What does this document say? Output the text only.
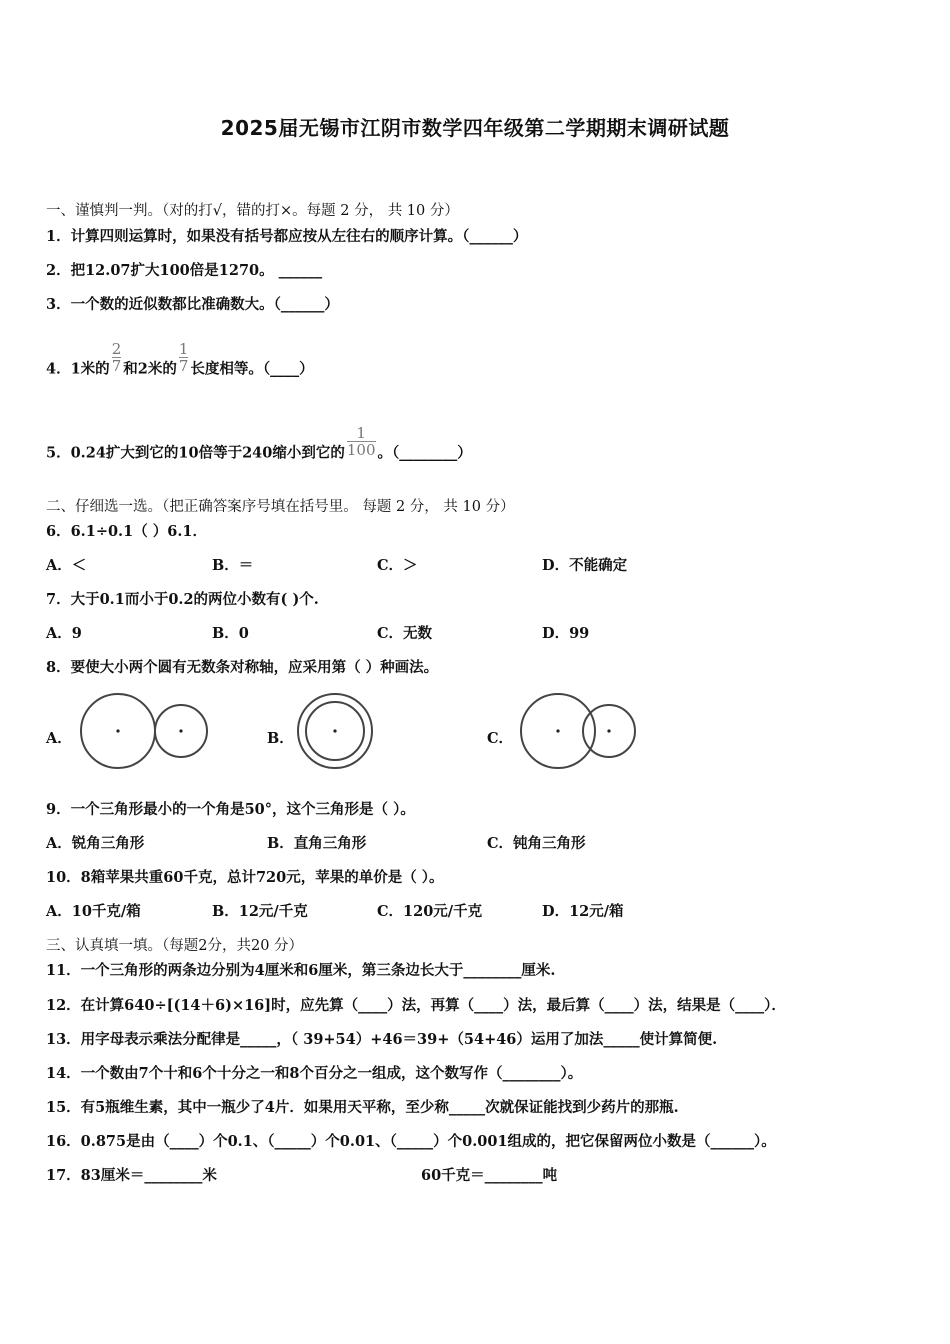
2025届无锡市江阴市数学四年级第二学期期末调研试题
一、谨慎判一判。（对的打√，错的打×。每题 2 分， 共 10 分）
1．计算四则运算时，如果没有括号都应按从左往右的顺序计算。（______）
2．把12.07扩大100倍是1270。 ______
3．一个数的近似数都比准确数大。（______）
4．1米的 $\frac{2}{7}$ 和2米的 $\frac{1}{7}$ 长度相等。（____）
5．0.24扩大到它的10倍等于240缩小到它的 $\frac{1}{100}$ 。（________）
二、仔细选一选。（把正确答案序号填在括号里。 每题 2 分， 共 10 分）
6．6.1÷0.1（ ）6.1．
A．＜	B．＝	C．＞	D．不能确定
7．大于0.1而小于0.2的两位小数有( )个.
A．9	B．0	C．无数	D．99
8．要使大小两个圆有无数条对称轴，应采用第（ ）种画法。
A．	B．	C．
9．一个三角形最小的一个角是50°，这个三角形是（ ）。
A．锐角三角形	B．直角三角形	C．钝角三角形
10．8箱苹果共重60千克，总计720元，苹果的单价是（ ）。
A．10千克/箱	B．12元/千克	C．120元/千克	D．12元/箱
三、认真填一填。（每题2分，共20 分）
11．一个三角形的两条边分别为4厘米和6厘米，第三条边长大于________厘米.
12．在计算640÷[(14＋6)×16]时，应先算（____）法，再算（____）法，最后算（____）法，结果是（____）．
13．用字母表示乘法分配律是_____，（ 39+54）+46＝39+（54+46）运用了加法_____使计算简便.
14．一个数由7个十和6个十分之一和8个百分之一组成，这个数写作（________）。
15．有5瓶维生素，其中一瓶少了4片．如果用天平称，至少称_____次就保证能找到少药片的那瓶.
16．0.875是由（____）个0.1、（_____）个0.01、（_____）个0.001组成的，把它保留两位小数是（______）。
17．83厘米＝________米	60千克＝________吨
